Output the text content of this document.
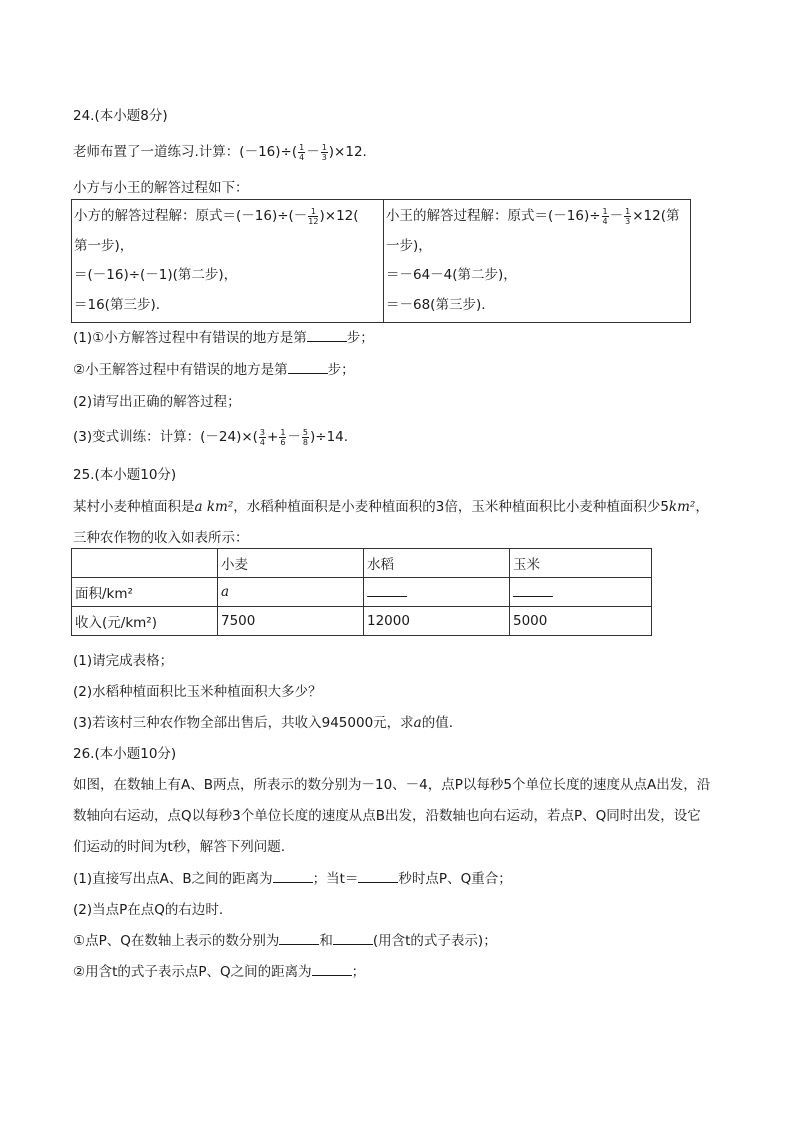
24.(本小题8分)
老师布置了一道练习.计算：$(-16)\div( \frac{1}{4} - \frac{1}{3} )\times 12$.
小方与小王的解答过程如下：
小方的解答过程解：原式$=(-16)\div(- \frac{1}{12} )\times 12$(
第一步)，
＝(－16)÷(－1)(第二步)，
＝16(第三步).

小王的解答过程解：原式$=(-16)\div \frac{1}{4} - \frac{1}{3} \times 12$(第
一步)，
＝－64－4(第二步)，
＝－68(第三步).
(1)①小方解答过程中有错误的地方是第	步；
②小王解答过程中有错误的地方是第	步；
(2)请写出正确的解答过程；
(3)变式训练：计算：$(-24)\times( \frac{3}{4} + \frac{1}{6} - \frac{5}{8} )\div 14$.
25.(本小题10分)
某村小麦种植面积是a km²，水稻种植面积是小麦种植面积的3倍，玉米种植面积比小麦种植面积少5km²，
三种农作物的收入如表所示：
	小麦	水稻	玉米
面积/km²	a		
收入(元/km²)	7500	12000	5000
(1)请完成表格；
(2)水稻种植面积比玉米种植面积大多少？
(3)若该村三种农作物全部出售后，共收入945000元，求a的值.
26.(本小题10分)
如图，在数轴上有A、B两点，所表示的数分别为－10、－4，点P以每秒5个单位长度的速度从点A出发，沿
数轴向右运动，点Q以每秒3个单位长度的速度从点B出发，沿数轴也向右运动，若点P、Q同时出发，设它
们运动的时间为t秒，解答下列问题.
(1)直接写出点A、B之间的距离为	；当t＝	秒时点P、Q重合；
(2)当点P在点Q的右边时.
①点P、Q在数轴上表示的数分别为	和	(用含t的式子表示)；
②用含t的式子表示点P、Q之间的距离为	；
